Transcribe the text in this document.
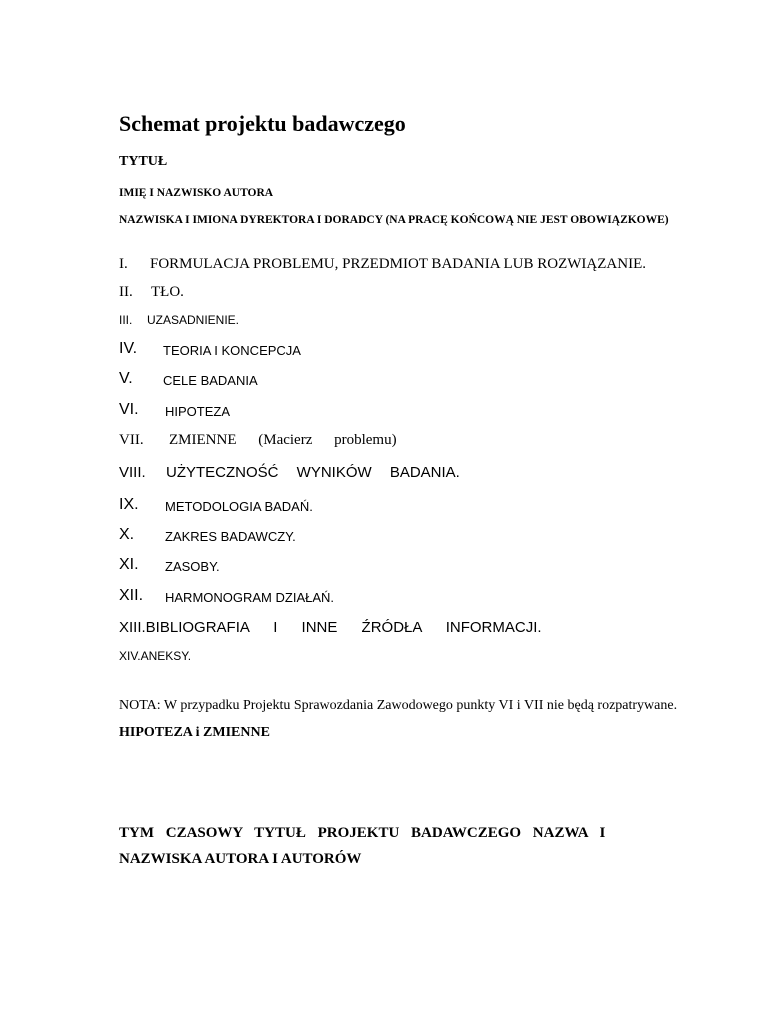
Schemat projektu badawczego
TYTUŁ
IMIĘ I NAZWISKO AUTORA
NAZWISKA I IMIONA DYREKTORA I DORADCY (NA PRACĘ KOŃCOWĄ NIE JEST OBOWIĄZKOWE)
I. FORMULACJA PROBLEMU, PRZEDMIOT BADANIA LUB ROZWIĄZANIE.
II. TŁO.
III. UZASADNIENIE.
IV. TEORIA I KONCEPCJA
V. CELE BADANIA
VI. HIPOTEZA
VII. ZMIENNE (Macierz problemu)
VIII. UŻYTECZNOŚĆ WYNIKÓW BADANIA.
IX. METODOLOGIA BADAŃ.
X. ZAKRES BADAWCZY.
XI. ZASOBY.
XII. HARMONOGRAM DZIAŁAŃ.
XIII.BIBLIOGRAFIA I INNE ŹRÓDŁA INFORMACJI.
XIV.ANEKSY.
NOTA: W przypadku Projektu Sprawozdania Zawodowego punkty VI i VII nie będą rozpatrywane.
HIPOTEZA i ZMIENNE
TYM CZASOWY TYTUŁ PROJEKTU BADAWCZEGO NAZWA I
NAZWISKA AUTORA I AUTORÓW
